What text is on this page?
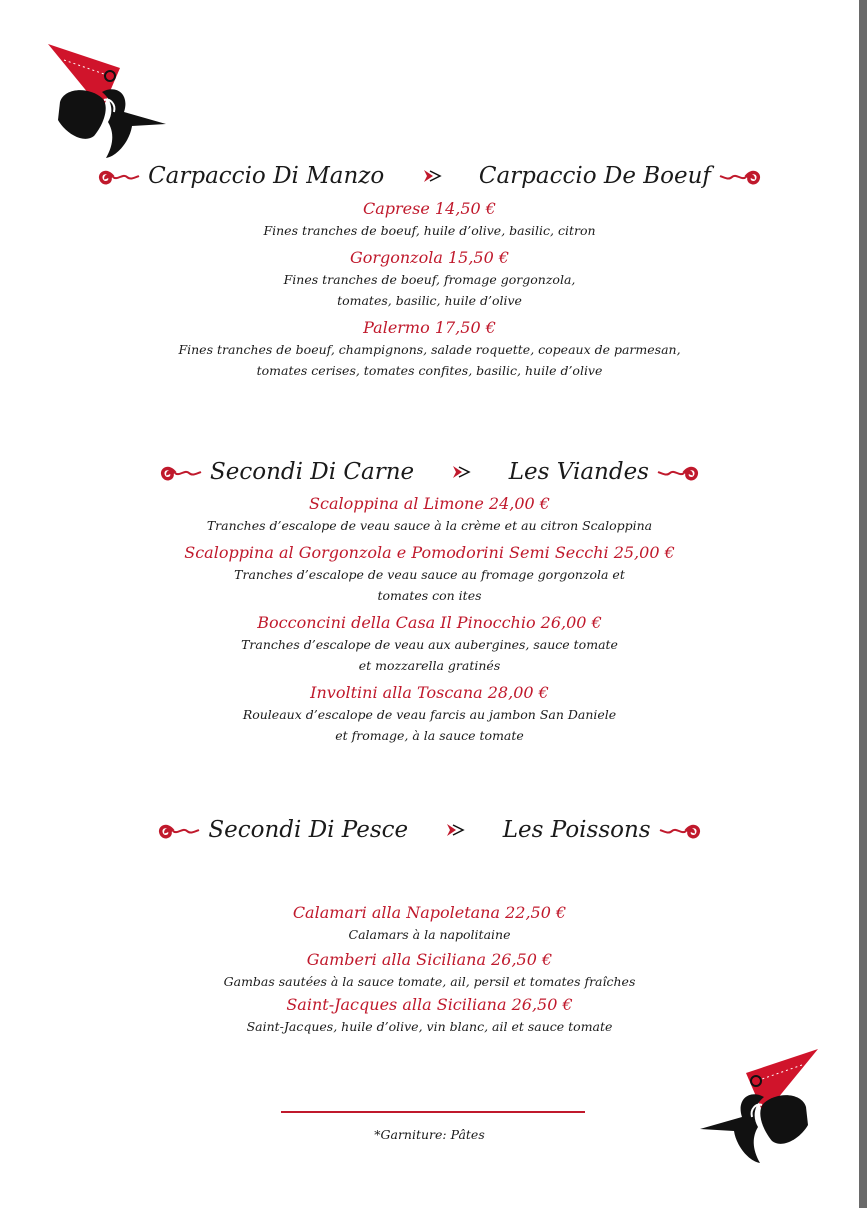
Carpaccio Di Manzo	Carpaccio De Boeuf

Caprese 14,50 €

Fines tranches de boeuf, huile d’olive, basilic, citron

Gorgonzola 15,50 €

Fines tranches de boeuf, fromage gorgonzola,

tomates, basilic, huile d’olive

Palermo 17,50 €

Fines tranches de boeuf, champignons, salade roquette, copeaux de parmesan,

tomates cerises, tomates confites, basilic, huile d’olive

Secondi Di Carne	Les Viandes

Scaloppina al Limone 24,00 €

Tranches d’escalope de veau sauce à la crème et au citron Scaloppina

Scaloppina al Gorgonzola e Pomodorini Semi Secchi 25,00 €

Tranches d’escalope de veau sauce au fromage gorgonzola et

tomates con ites

Bocconcini della Casa Il Pinocchio 26,00 €

Tranches d’escalope de veau aux aubergines, sauce tomate

et mozzarella gratinés

Involtini alla Toscana 28,00 €

Rouleaux d’escalope de veau farcis au jambon San Daniele

et fromage, à la sauce tomate

Secondi Di Pesce	Les Poissons

Calamari alla Napoletana 22,50 €

Calamars à la napolitaine

Gamberi alla Siciliana 26,50 €

Gambas sautées à la sauce tomate, ail, persil et tomates fraîches

Saint-Jacques alla Siciliana 26,50 €

Saint-Jacques, huile d’olive, vin blanc, ail et sauce tomate

*Garniture: Pâtes
